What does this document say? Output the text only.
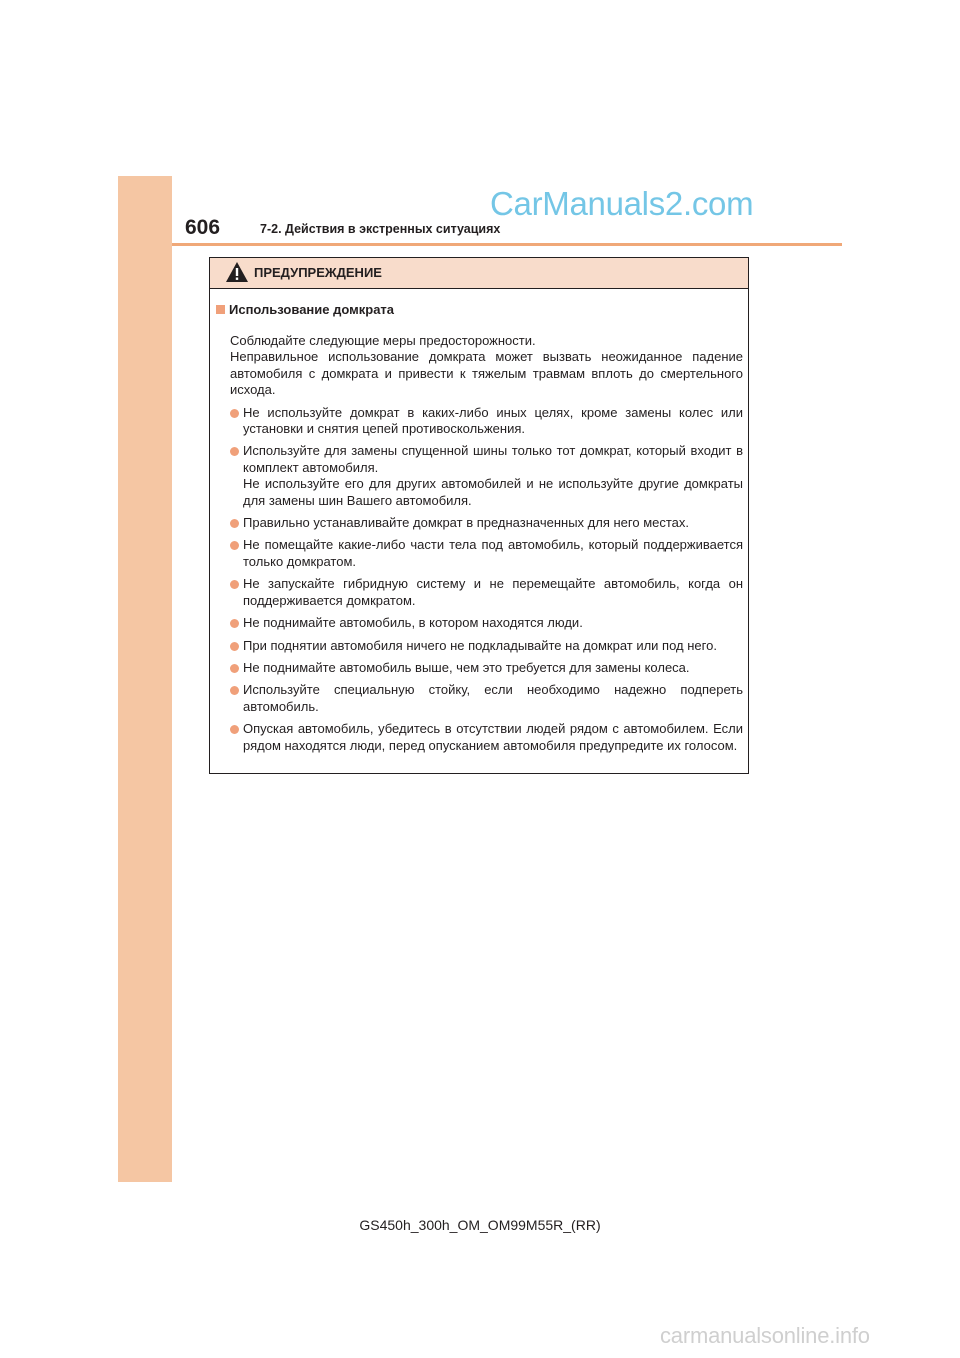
606	7-2. Действия в экстренных ситуациях
CarManuals2.com
ПРЕДУПРЕЖДЕНИЕ
Использование домкрата

Соблюдайте следующие меры предосторожности.

Неправильное использование домкрата может вызвать неожиданное падение автомобиля с домкрата и привести к тяжелым травмам вплоть до смертельного исхода.

Не используйте домкрат в каких-либо иных целях, кроме замены колес или установки и снятия цепей противоскольжения.

Используйте для замены спущенной шины только тот домкрат, который входит в комплект автомобиля.

Не используйте его для других автомобилей и не используйте другие домкраты для замены шин Вашего автомобиля.

Правильно устанавливайте домкрат в предназначенных для него местах.

Не помещайте какие-либо части тела под автомобиль, который поддерживается только домкратом.

Не запускайте гибридную систему и не перемещайте автомобиль, когда он поддерживается домкратом.

Не поднимайте автомобиль, в котором находятся люди.

При поднятии автомобиля ничего не подкладывайте на домкрат или под него.

Не поднимайте автомобиль выше, чем это требуется для замены колеса.

Используйте специальную стойку, если необходимо надежно подпереть автомобиль.

Опуская автомобиль, убедитесь в отсутствии людей рядом с автомобилем. Если рядом находятся люди, перед опусканием автомобиля предупредите их голосом.

GS450h_300h_OM_OM99M55R_(RR)
carmanualsonline.info
